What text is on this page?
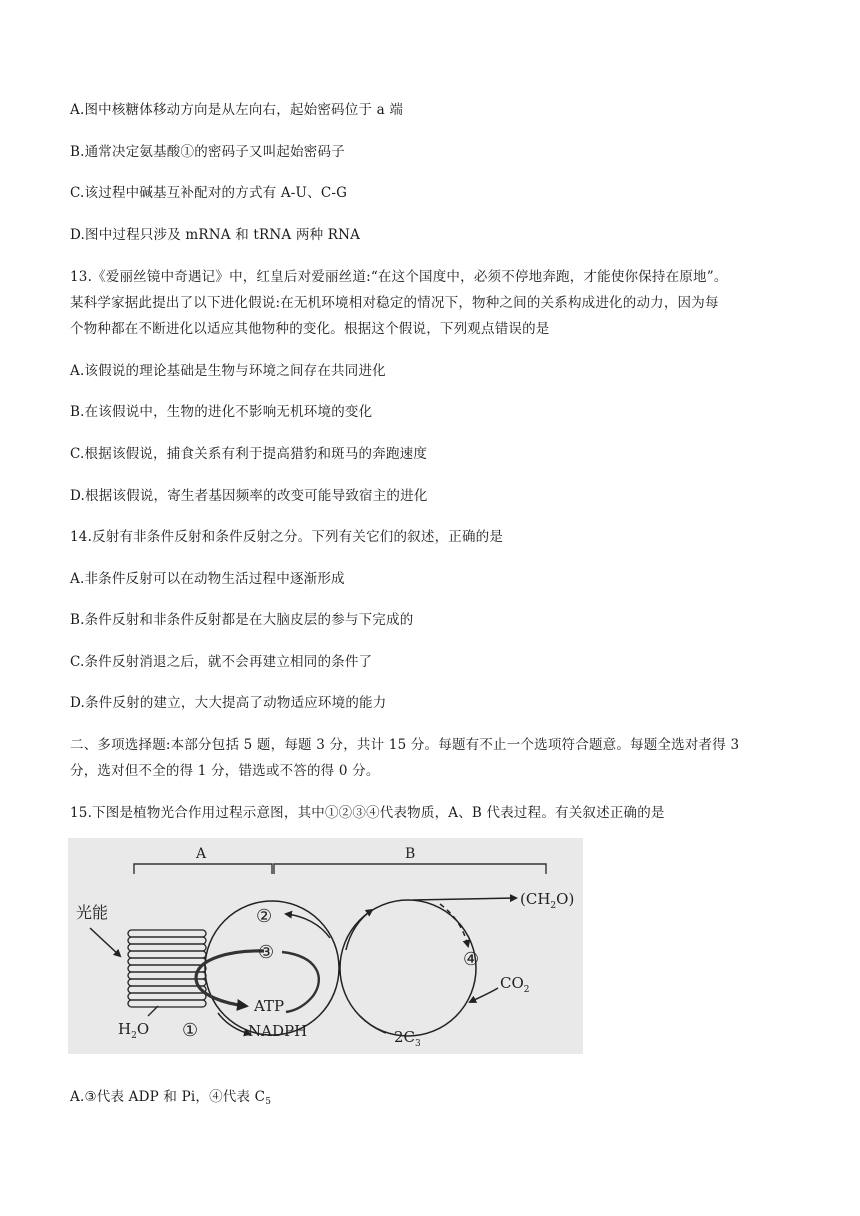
A.图中核糖体移动方向是从左向右，起始密码位于 a 端
B.通常决定氨基酸①的密码子又叫起始密码子
C.该过程中碱基互补配对的方式有 A-U、C-G
D.图中过程只涉及 mRNA 和 tRNA 两种 RNA
13.《爱丽丝镜中奇遇记》中，红皇后对爱丽丝道:“在这个国度中，必须不停地奔跑，才能使你保持在原地”。
某科学家据此提出了以下进化假说:在无机环境相对稳定的情况下，物种之间的关系构成进化的动力，因为每
个物种都在不断进化以适应其他物种的变化。根据这个假说，下列观点错误的是
A.该假说的理论基础是生物与环境之间存在共同进化
B.在该假说中，生物的进化不影响无机环境的变化
C.根据该假说，捕食关系有利于提高猎豹和斑马的奔跑速度
D.根据该假说，寄生者基因频率的改变可能导致宿主的进化
14.反射有非条件反射和条件反射之分。下列有关它们的叙述，正确的是
A.非条件反射可以在动物生活过程中逐渐形成
B.条件反射和非条件反射都是在大脑皮层的参与下完成的
C.条件反射消退之后，就不会再建立相同的条件了
D.条件反射的建立，大大提高了动物适应环境的能力
二、多项选择题:本部分包括 5 题，每题 3 分，共计 15 分。每题有不止一个选项符合题意。每题全选对者得 3
分，选对但不全的得 1 分，错选或不答的得 0 分。
15.下图是植物光合作用过程示意图，其中①②③④代表物质，A、B 代表过程。有关叙述正确的是
A	B
光能	②
③
ATP
NADPH
$H_2O$ ①
$(CH_2O)$
④
$CO_2$
$2C_3$
A.③代表 ADP 和 Pi，④代表 $C_5$
